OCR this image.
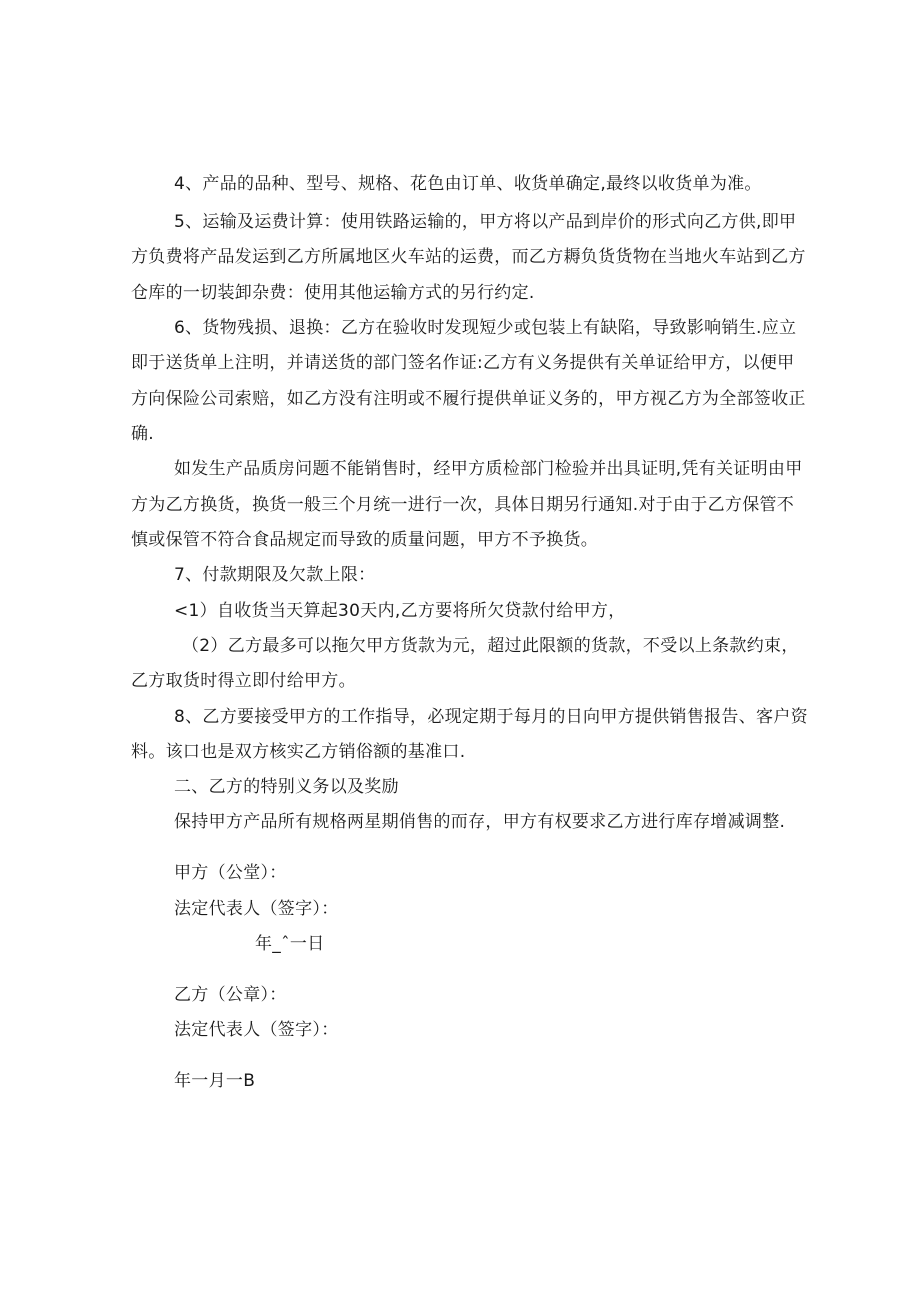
4、产品的品种、型号、规格、花色由订单、收货单确定,最终以收货单为准。
5、运输及运费计算：使用铁路运输的，甲方将以产品到岸价的形式向乙方供,即甲
方负费将产品发运到乙方所属地区火车站的运费，而乙方耨负货货物在当地火车站到乙方
仓库的一切装卸杂费：使用其他运输方式的另行约定.
6、货物残损、退换：乙方在验收时发现短少或包装上有缺陷，导致影响销生.应立
即于送货单上注明，并请送货的部门签名作证:乙方有义务提供有关单证给甲方，以便甲
方向保险公司索赔，如乙方没有注明或不履行提供单证义务的，甲方视乙方为全部签收正
确.
如发生产品质房问题不能销售时，经甲方质检部门检验并出具证明,凭有关证明由甲
方为乙方换货，换货一般三个月统一进行一次，具体日期另行通知.对于由于乙方保管不
慎或保管不符合食品规定而导致的质量问题，甲方不予换货。
7、付款期限及欠款上限：
<1）自收货当天算起30天内,乙方要将所欠贷款付给甲方，
（2）乙方最多可以拖欠甲方货款为元，超过此限额的货款，不受以上条款约束，
乙方取货时得立即付给甲方。
8、乙方要接受甲方的工作指导，必现定期于每月的日向甲方提供销售报告、客户资
料。该口也是双方核实乙方销俗额的基准口.
二、乙方的特别义务以及奖励
保持甲方产品所有规格两星期俏售的而存，甲方有权要求乙方进行库存增减调整.
甲方（公堂）：
法定代表人（签字）：
年_ˆ一日
乙方（公章）：
法定代表人（签字）：
年一月一B
